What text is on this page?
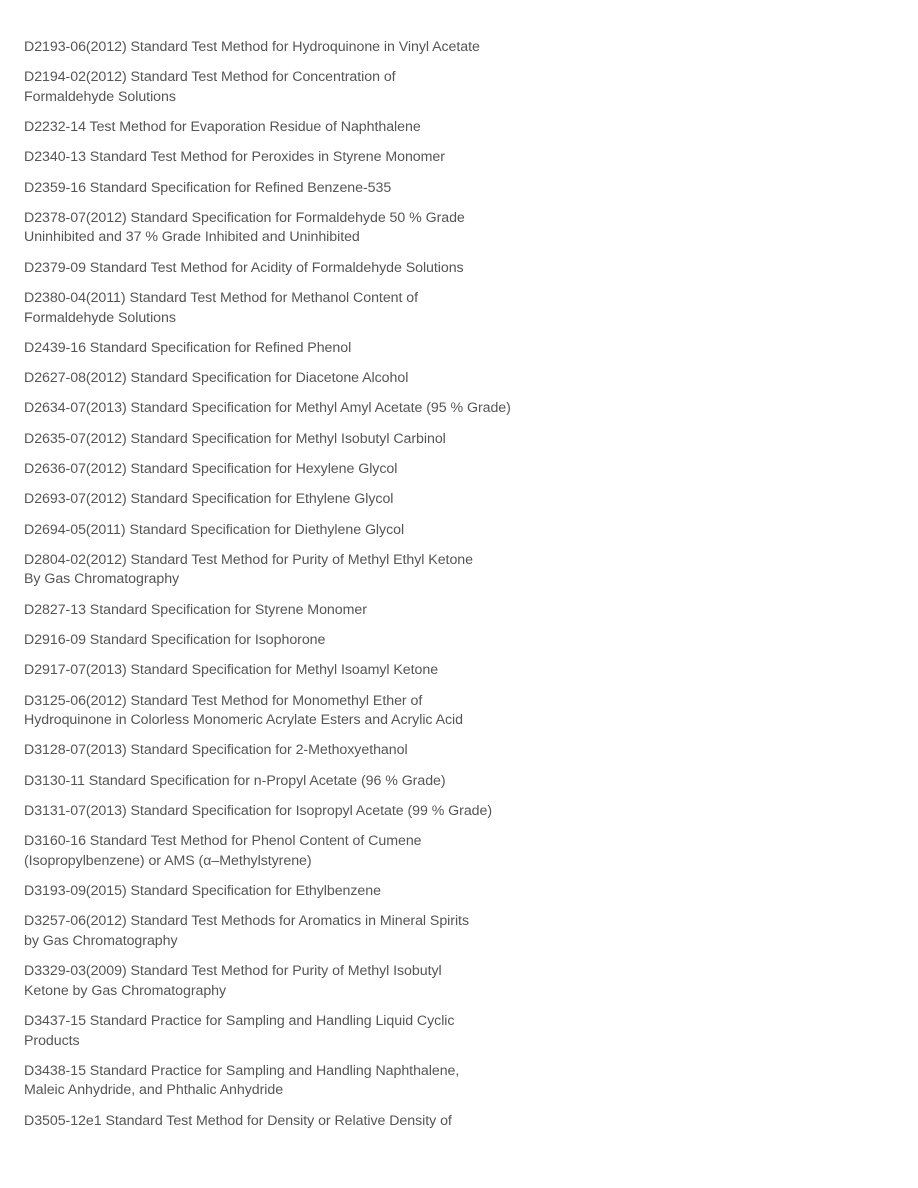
D2193-06(2012) Standard Test Method for Hydroquinone in Vinyl Acetate

D2194-02(2012) Standard Test Method for Concentration of
Formaldehyde Solutions

D2232-14 Test Method for Evaporation Residue of Naphthalene

D2340-13 Standard Test Method for Peroxides in Styrene Monomer

D2359-16 Standard Specification for Refined Benzene-535

D2378-07(2012) Standard Specification for Formaldehyde 50 % Grade
Uninhibited and 37 % Grade Inhibited and Uninhibited

D2379-09 Standard Test Method for Acidity of Formaldehyde Solutions

D2380-04(2011) Standard Test Method for Methanol Content of
Formaldehyde Solutions

D2439-16 Standard Specification for Refined Phenol

D2627-08(2012) Standard Specification for Diacetone Alcohol

D2634-07(2013) Standard Specification for Methyl Amyl Acetate (95 % Grade)

D2635-07(2012) Standard Specification for Methyl Isobutyl Carbinol

D2636-07(2012) Standard Specification for Hexylene Glycol

D2693-07(2012) Standard Specification for Ethylene Glycol

D2694-05(2011) Standard Specification for Diethylene Glycol

D2804-02(2012) Standard Test Method for Purity of Methyl Ethyl Ketone
By Gas Chromatography

D2827-13 Standard Specification for Styrene Monomer

D2916-09 Standard Specification for Isophorone

D2917-07(2013) Standard Specification for Methyl Isoamyl Ketone

D3125-06(2012) Standard Test Method for Monomethyl Ether of
Hydroquinone in Colorless Monomeric Acrylate Esters and Acrylic Acid

D3128-07(2013) Standard Specification for 2-Methoxyethanol

D3130-11 Standard Specification for n-Propyl Acetate (96 % Grade)

D3131-07(2013) Standard Specification for Isopropyl Acetate (99 % Grade)

D3160-16 Standard Test Method for Phenol Content of Cumene
(Isopropylbenzene) or AMS (α–Methylstyrene)

D3193-09(2015) Standard Specification for Ethylbenzene

D3257-06(2012) Standard Test Methods for Aromatics in Mineral Spirits
by Gas Chromatography

D3329-03(2009) Standard Test Method for Purity of Methyl Isobutyl
Ketone by Gas Chromatography

D3437-15 Standard Practice for Sampling and Handling Liquid Cyclic
Products

D3438-15 Standard Practice for Sampling and Handling Naphthalene,
Maleic Anhydride, and Phthalic Anhydride

D3505-12e1 Standard Test Method for Density or Relative Density of
